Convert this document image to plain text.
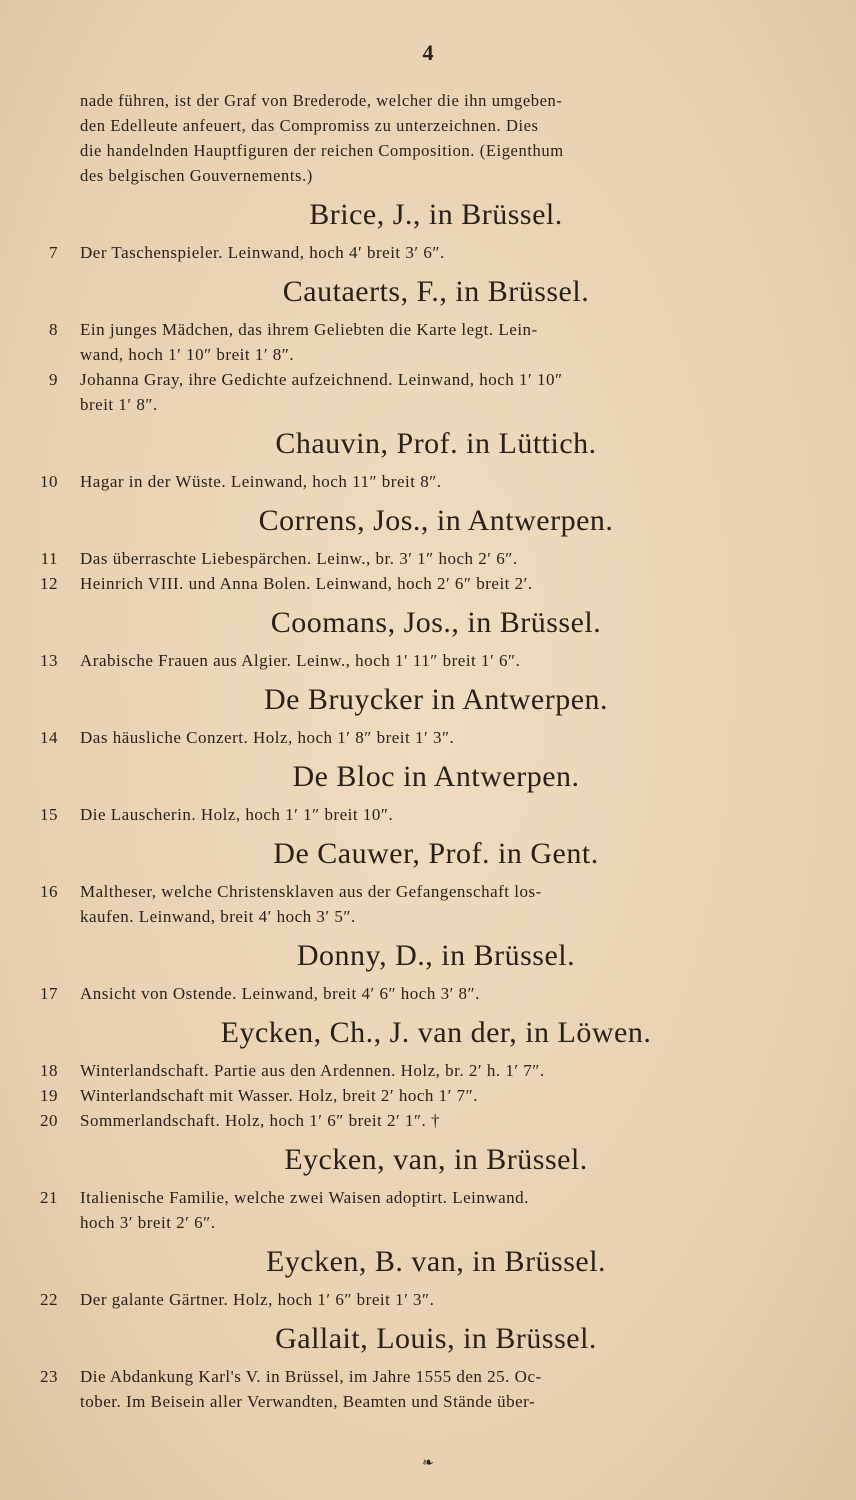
4
nade führen, ist der Graf von Brederode, welcher die ihn umgeben-
den Edelleute anfeuert, das Compromiss zu unterzeichnen. Dies
die handelnden Hauptfiguren der reichen Composition. (Eigenthum
des belgischen Gouvernements.)
Brice, J., in Brüssel.
7 Der Taschenspieler. Leinwand, hoch 4′ breit 3′ 6″.
Cautaerts, F., in Brüssel.
8 Ein junges Mädchen, das ihrem Geliebten die Karte legt. Lein-
wand, hoch 1′ 10″ breit 1′ 8″.
9 Johanna Gray, ihre Gedichte aufzeichnend. Leinwand, hoch 1′ 10″
breit 1′ 8″.
Chauvin, Prof. in Lüttich.
10 Hagar in der Wüste. Leinwand, hoch 11″ breit 8″.
Correns, Jos., in Antwerpen.
11 Das überraschte Liebespärchen. Leinw., br. 3′ 1″ hoch 2′ 6″.
12 Heinrich VIII. und Anna Bolen. Leinwand, hoch 2′ 6″ breit 2′.
Coomans, Jos., in Brüssel.
13 Arabische Frauen aus Algier. Leinw., hoch 1′ 11″ breit 1′ 6″.
De Bruycker in Antwerpen.
14 Das häusliche Conzert. Holz, hoch 1′ 8″ breit 1′ 3″.
De Bloc in Antwerpen.
15 Die Lauscherin. Holz, hoch 1′ 1″ breit 10″.
De Cauwer, Prof. in Gent.
16 Maltheser, welche Christensklaven aus der Gefangenschaft los-
kaufen. Leinwand, breit 4′ hoch 3′ 5″.
Donny, D., in Brüssel.
17 Ansicht von Ostende. Leinwand, breit 4′ 6″ hoch 3′ 8″.
Eycken, Ch., J. van der, in Löwen.
18 Winterlandschaft. Partie aus den Ardennen. Holz, br. 2′ h. 1′ 7″.
19 Winterlandschaft mit Wasser. Holz, breit 2′ hoch 1′ 7″.
20 Sommerlandschaft. Holz, hoch 1′ 6″ breit 2′ 1″. †
Eycken, van, in Brüssel.
21 Italienische Familie, welche zwei Waisen adoptirt. Leinwand.
hoch 3′ breit 2′ 6″.
Eycken, B. van, in Brüssel.
22 Der galante Gärtner. Holz, hoch 1′ 6″ breit 1′ 3″.
Gallait, Louis, in Brüssel.
23 Die Abdankung Karl's V. in Brüssel, im Jahre 1555 den 25. Oc-
tober. Im Beisein aller Verwandten, Beamten und Stände über-
❧
